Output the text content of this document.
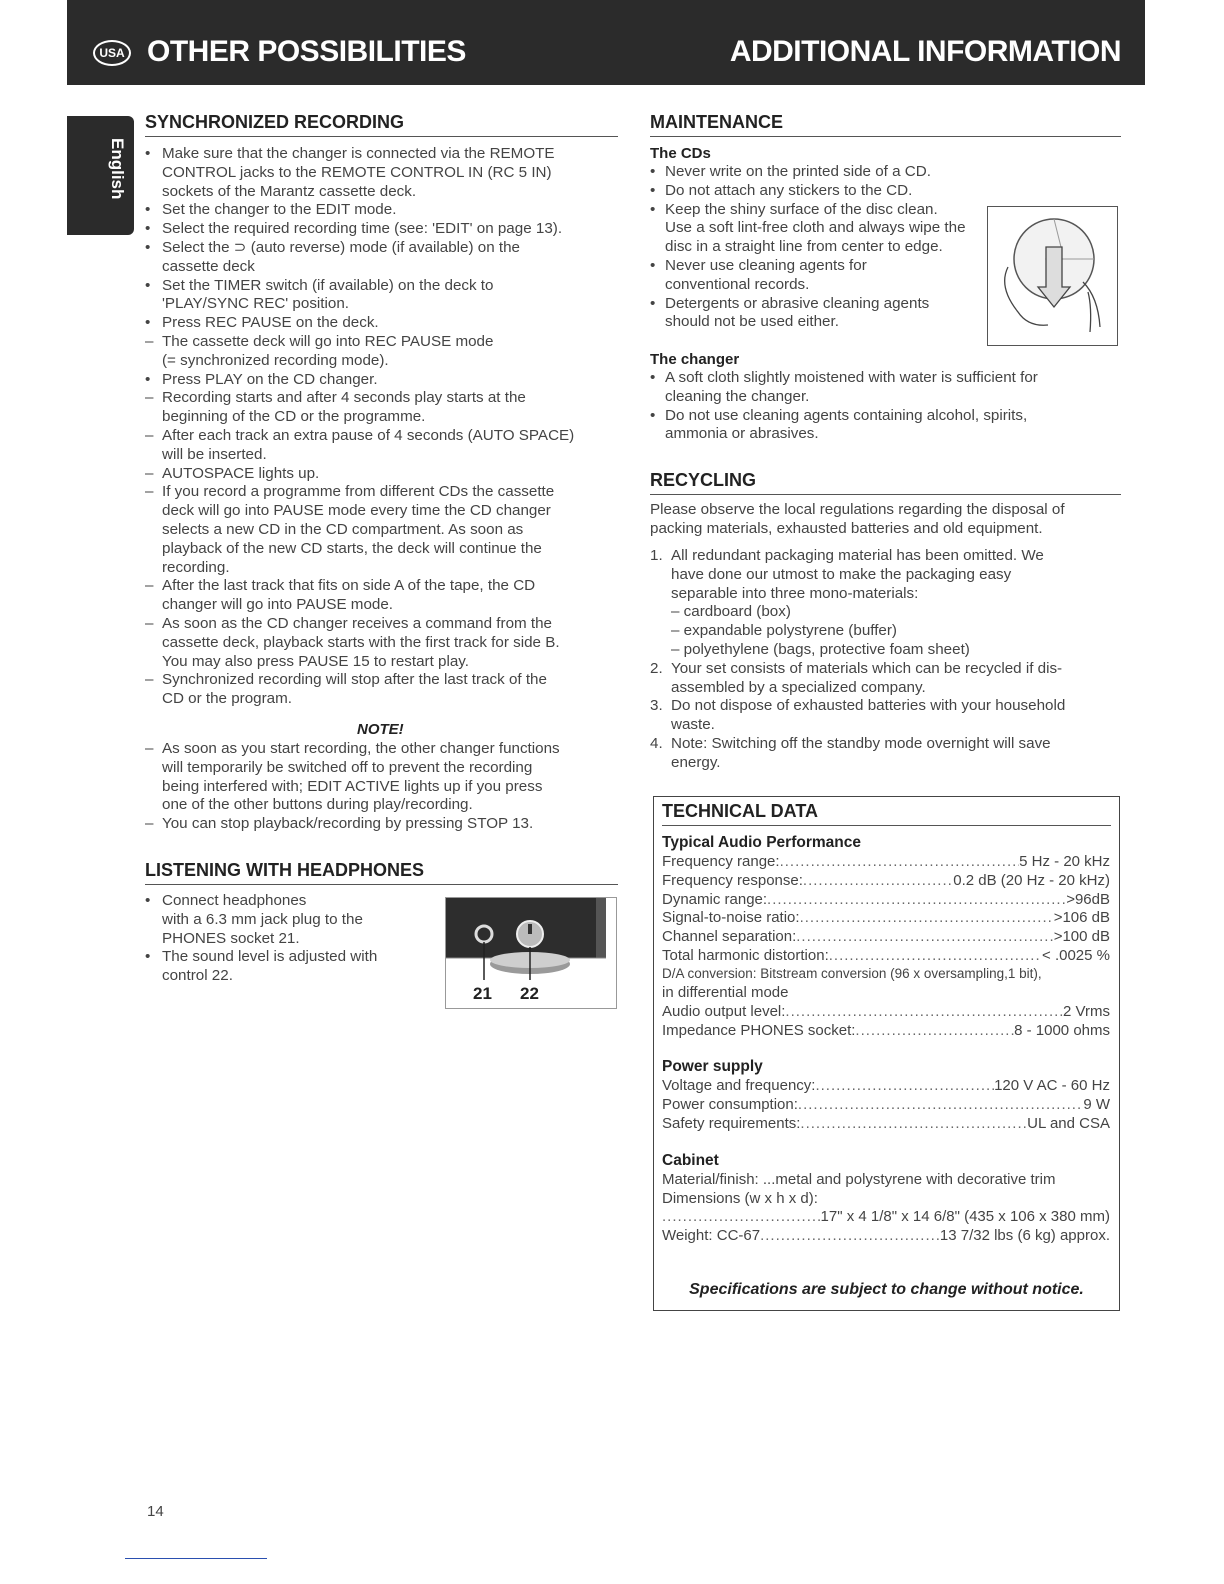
USA OTHER POSSIBILITIES	ADDITIONAL INFORMATION
English
SYNCHRONIZED RECORDING
• Make sure that the changer is connected via the REMOTE
CONTROL jacks to the REMOTE CONTROL IN (RC 5 IN)
sockets of the Marantz cassette deck.
• Set the changer to the EDIT mode.
• Select the required recording time (see: 'EDIT' on page 13).
• Select the ⊃ (auto reverse) mode (if available) on the
cassette deck
• Set the TIMER switch (if available) on the deck to
'PLAY/SYNC REC' position.
• Press REC PAUSE on the deck.
– The cassette deck will go into REC PAUSE mode
(= synchronized recording mode).
• Press PLAY on the CD changer.
– Recording starts and after 4 seconds play starts at the
beginning of the CD or the programme.
– After each track an extra pause of 4 seconds (AUTO SPACE)
will be inserted.
– AUTOSPACE lights up.
– If you record a programme from different CDs the cassette
deck will go into PAUSE mode every time the CD changer
selects a new CD in the CD compartment. As soon as
playback of the new CD starts, the deck will continue the
recording.
– After the last track that fits on side A of the tape, the CD
changer will go into PAUSE mode.
– As soon as the CD changer receives a command from the
cassette deck, playback starts with the first track for side B.
You may also press PAUSE 15 to restart play.
– Synchronized recording will stop after the last track of the
CD or the program.
NOTE!
– As soon as you start recording, the other changer functions
will temporarily be switched off to prevent the recording
being interfered with; EDIT ACTIVE lights up if you press
one of the other buttons during play/recording.
– You can stop playback/recording by pressing STOP 13.
LISTENING WITH HEADPHONES
• Connect headphones
with a 6.3 mm jack plug to the
PHONES socket 21.
• The sound level is adjusted with
control 22.
21 22
MAINTENANCE
The CDs
• Never write on the printed side of a CD.
• Do not attach any stickers to the CD.
• Keep the shiny surface of the disc clean.
Use a soft lint-free cloth and always wipe the
disc in a straight line from center to edge.
• Never use cleaning agents for
conventional records.
• Detergents or abrasive cleaning agents
should not be used either.
The changer
• A soft cloth slightly moistened with water is sufficient for
cleaning the changer.
• Do not use cleaning agents containing alcohol, spirits,
ammonia or abrasives.
RECYCLING
Please observe the local regulations regarding the disposal of
packing materials, exhausted batteries and old equipment.
1. All redundant packaging material has been omitted. We
have done our utmost to make the packaging easy
separable into three mono-materials:
– cardboard (box)
– expandable polystyrene (buffer)
– polyethylene (bags, protective foam sheet)
2. Your set consists of materials which can be recycled if dis-
assembled by a specialized company.
3. Do not dispose of exhausted batteries with your household
waste.
4. Note: Switching off the standby mode overnight will save
energy.
TECHNICAL DATA
Typical Audio Performance
Frequency range: .....	5 Hz - 20 kHz
Frequency response: .....	0.2 dB (20 Hz - 20 kHz)
Dynamic range: .....	>96dB
Signal-to-noise ratio: .....	>106 dB
Channel separation: .....	>100 dB
Total harmonic distortion: .....	< .0025 %
D/A conversion: Bitstream conversion (96 x oversampling,1 bit),
in differential mode
Audio output level: .....	2 Vrms
Impedance PHONES socket: .....	8 - 1000 ohms
Power supply
Voltage and frequency: .....	120 V AC - 60 Hz
Power consumption: .....	9 W
Safety requirements: .....	UL and CSA
Cabinet
Material/finish: ...metal and polystyrene with decorative trim
Dimensions (w x h x d):
.....
17" x 4 1/8" x 14 6/8" (435 x 106 x 380 mm)
Weight: CC-67 .....	13 7/32 lbs (6 kg) approx.
Specifications are subject to change without notice.
14
